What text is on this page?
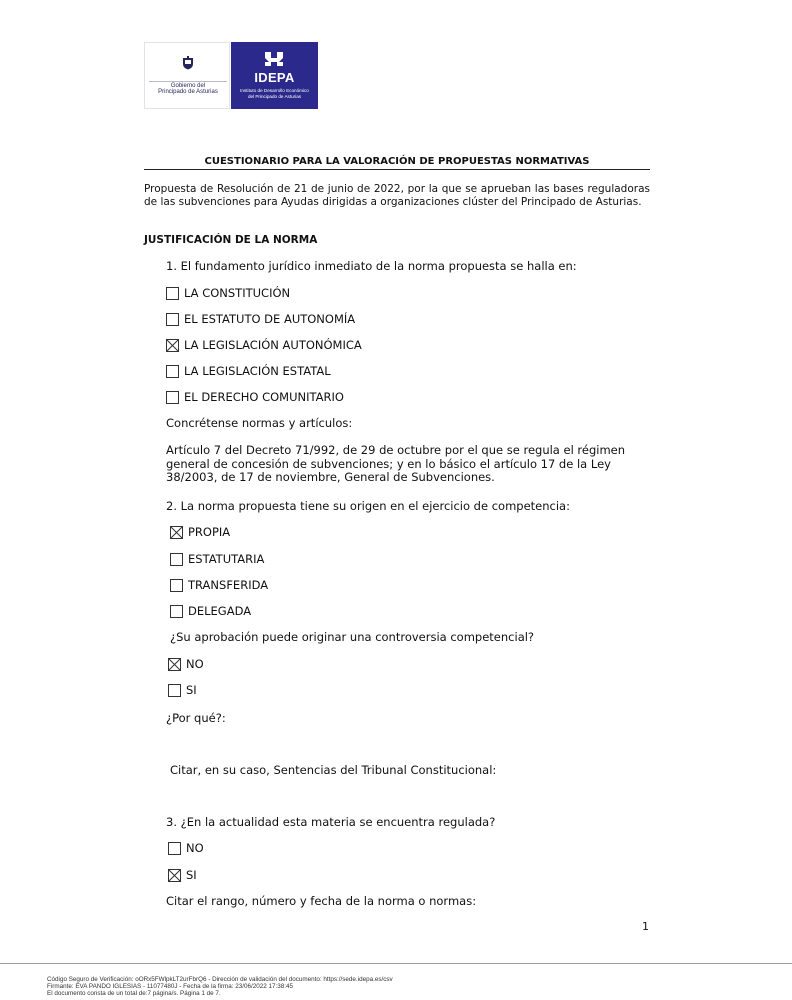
Gobierno del
Principado de Asturias
IDEPA
Instituto de Desarrollo Económico
del Principado de Asturias
CUESTIONARIO PARA LA VALORACIÓN DE PROPUESTAS NORMATIVAS
Propuesta de Resolución de 21 de junio de 2022, por la que se aprueban las bases reguladoras de las subvenciones para Ayudas dirigidas a organizaciones clúster del Principado de Asturias.
JUSTIFICACIÓN DE LA NORMA
1. El fundamento jurídico inmediato de la norma propuesta se halla en:
LA CONSTITUCIÓN
EL ESTATUTO DE AUTONOMÍA
LA LEGISLACIÓN AUTONÓMICA
LA LEGISLACIÓN ESTATAL
EL DERECHO COMUNITARIO
Concrétense normas y artículos:
Artículo 7 del Decreto 71/992, de 29 de octubre por el que se regula el régimen general de concesión de subvenciones; y en lo básico el artículo 17 de la Ley 38/2003, de 17 de noviembre, General de Subvenciones.
2. La norma propuesta tiene su origen en el ejercicio de competencia:
PROPIA
ESTATUTARIA
TRANSFERIDA
DELEGADA
¿Su aprobación puede originar una controversia competencial?
NO
SI
¿Por qué?:
Citar, en su caso, Sentencias del Tribunal Constitucional:
3. ¿En la actualidad esta materia se encuentra regulada?
NO
SI
Citar el rango, número y fecha de la norma o normas:
1
Código Seguro de Verificación: oORx5FWlpkLT2urFbrQ6 - Dirección de validación del documento: https://sede.idepa.es/csv
Firmante: EVA PANDO IGLESIAS - 11077480J - Fecha de la firma: 23/06/2022 17:38:45
El documento consta de un total de:7 página/s. Página 1 de 7.
